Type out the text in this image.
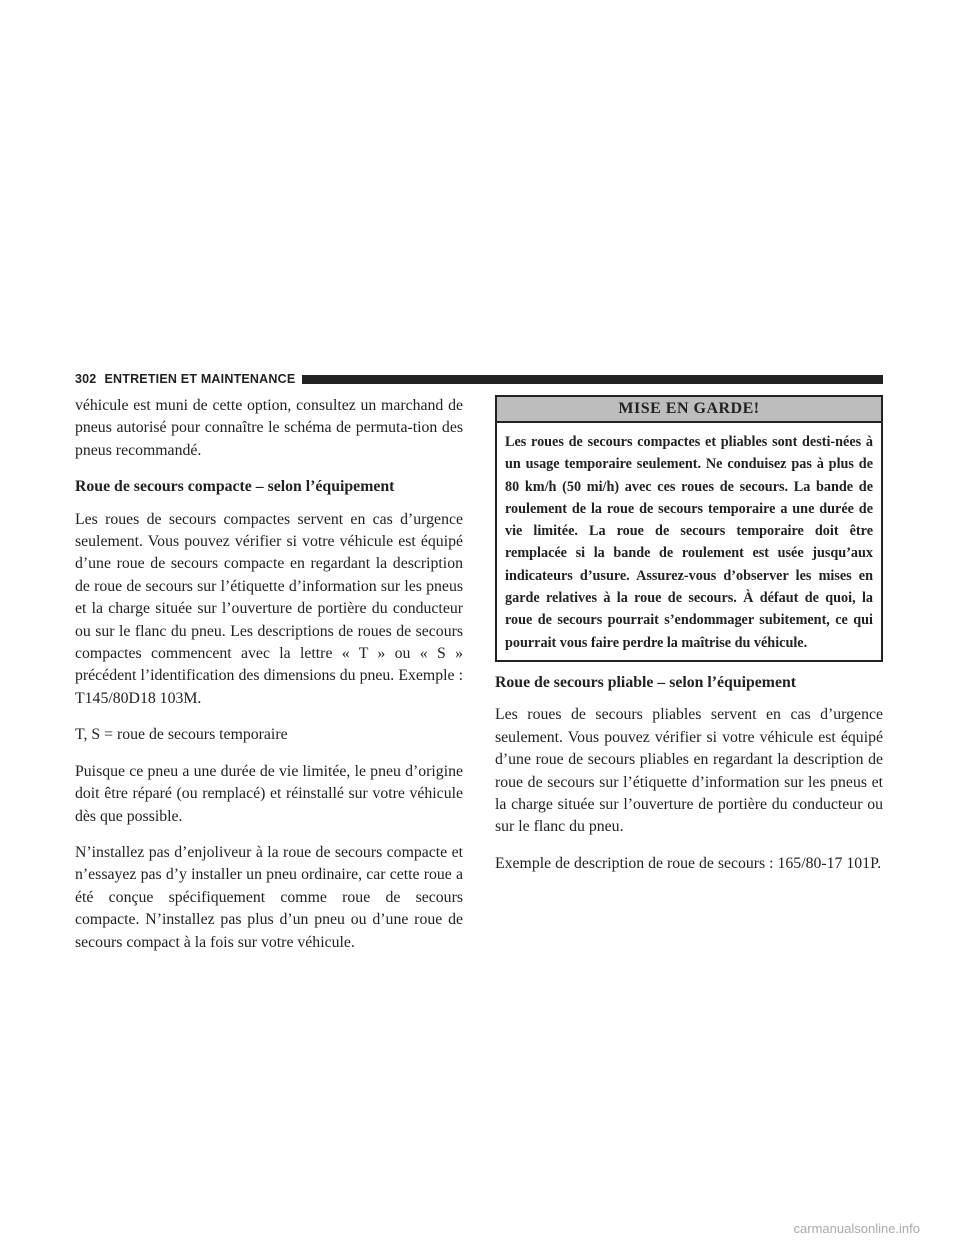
302 ENTRETIEN ET MAINTENANCE

véhicule est muni de cette option, consultez un marchand de pneus autorisé pour connaître le schéma de permuta-tion des pneus recommandé.

Roue de secours compacte – selon l’équipement

Les roues de secours compactes servent en cas d’urgence seulement. Vous pouvez vérifier si votre véhicule est équipé d’une roue de secours compacte en regardant la description de roue de secours sur l’étiquette d’information sur les pneus et la charge située sur l’ouverture de portière du conducteur ou sur le flanc du pneu. Les descriptions de roues de secours compactes commencent avec la lettre « T » ou « S » précédent l’identification des dimensions du pneu. Exemple : T145/80D18 103M.

T, S = roue de secours temporaire

Puisque ce pneu a une durée de vie limitée, le pneu d’origine doit être réparé (ou remplacé) et réinstallé sur votre véhicule dès que possible.

N’installez pas d’enjoliveur à la roue de secours compacte et n’essayez pas d’y installer un pneu ordinaire, car cette roue a été conçue spécifiquement comme roue de secours compacte. N’installez pas plus d’un pneu ou d’une roue de secours compact à la fois sur votre véhicule.

MISE EN GARDE!
Les roues de secours compactes et pliables sont desti-nées à un usage temporaire seulement. Ne conduisez pas à plus de 80 km/h (50 mi/h) avec ces roues de secours. La bande de roulement de la roue de secours temporaire a une durée de vie limitée. La roue de secours temporaire doit être remplacée si la bande de roulement est usée jusqu’aux indicateurs d’usure. Assurez-vous d’observer les mises en garde relatives à la roue de secours. À défaut de quoi, la roue de secours pourrait s’endommager subitement, ce qui pourrait vous faire perdre la maîtrise du véhicule.
Roue de secours pliable – selon l’équipement

Les roues de secours pliables servent en cas d’urgence seulement. Vous pouvez vérifier si votre véhicule est équipé d’une roue de secours pliables en regardant la description de roue de secours sur l’étiquette d’information sur les pneus et la charge située sur l’ouverture de portière du conducteur ou sur le flanc du pneu.

Exemple de description de roue de secours : 165/80-17 101P.

carmanualsonline.info
